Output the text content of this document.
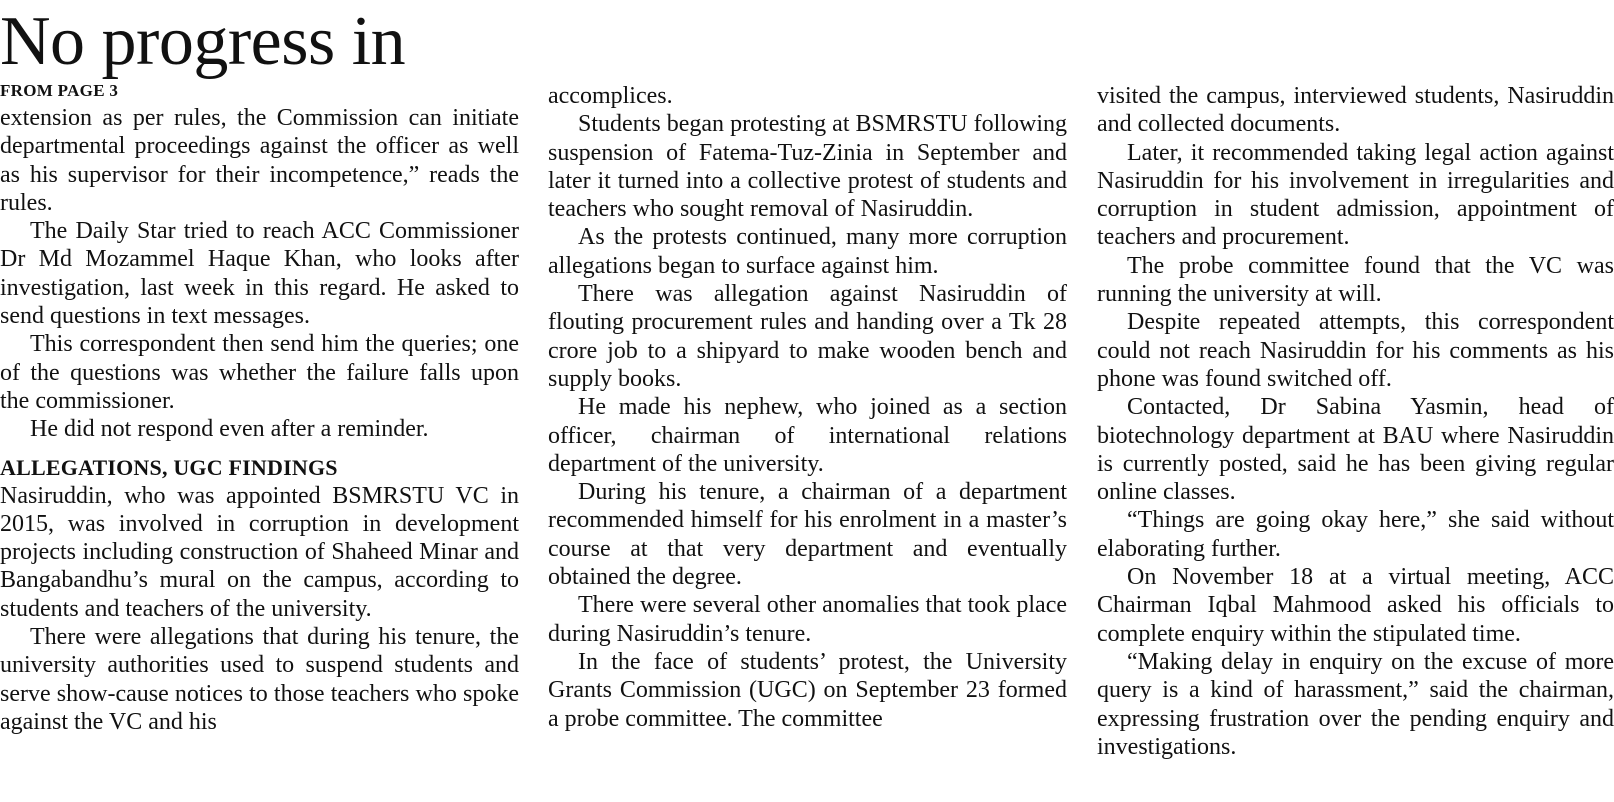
No progress in
FROM PAGE 3

extension as per rules, the Commission can initiate departmental proceedings against the officer as well as his supervisor for their incompetence,” reads the rules.

The Daily Star tried to reach ACC Commissioner Dr Md Mozammel Haque Khan, who looks after investigation, last week in this regard. He asked to send questions in text messages.

This correspondent then send him the queries; one of the questions was whether the failure falls upon the commissioner.

He did not respond even after a reminder.

ALLEGATIONS, UGC FINDINGS

Nasiruddin, who was appointed BSMRSTU VC in 2015, was involved in corruption in development projects including construction of Shaheed Minar and Bangabandhu’s mural on the campus, according to students and teachers of the university.

There were allegations that during his tenure, the university authorities used to suspend students and serve show-cause notices to those teachers who spoke against the VC and his

accomplices.

Students began protesting at BSMRSTU following suspension of Fatema-Tuz-Zinia in September and later it turned into a collective protest of students and teachers who sought removal of Nasiruddin.

As the protests continued, many more corruption allegations began to surface against him.

There was allegation against Nasiruddin of flouting procurement rules and handing over a Tk 28 crore job to a shipyard to make wooden bench and supply books.

He made his nephew, who joined as a section officer, chairman of international relations department of the university.

During his tenure, a chairman of a department recommended himself for his enrolment in a master’s course at that very department and eventually obtained the degree.

There were several other anomalies that took place during Nasiruddin’s tenure.

In the face of students’ protest, the University Grants Commission (UGC) on September 23 formed a probe committee. The committee

visited the campus, interviewed students, Nasiruddin and collected documents.

Later, it recommended taking legal action against Nasiruddin for his involvement in irregularities and corruption in student admission, appointment of teachers and procurement.

The probe committee found that the VC was running the university at will.

Despite repeated attempts, this correspondent could not reach Nasiruddin for his comments as his phone was found switched off.

Contacted, Dr Sabina Yasmin, head of biotechnology department at BAU where Nasiruddin is currently posted, said he has been giving regular online classes.

“Things are going okay here,” she said without elaborating further.

On November 18 at a virtual meeting, ACC Chairman Iqbal Mahmood asked his officials to complete enquiry within the stipulated time.

“Making delay in enquiry on the excuse of more query is a kind of harassment,” said the chairman, expressing frustration over the pending enquiry and investigations.
